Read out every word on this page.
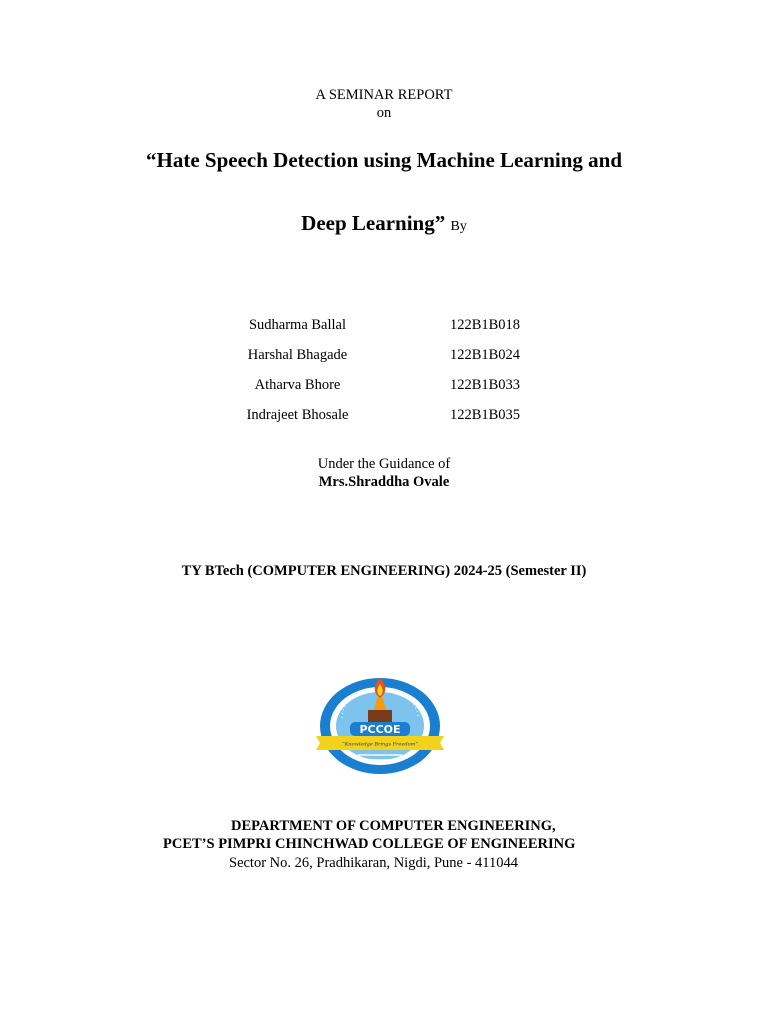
A SEMINAR REPORT
on
“Hate Speech Detection using Machine Learning and
Deep Learning” By
Sudharma Ballal	122B1B018
Harshal Bhagade	122B1B024
Atharva Bhore	122B1B033
Indrajeet Bhosale	122B1B035
Under the Guidance of
Mrs.Shraddha Ovale
TY BTech (COMPUTER ENGINEERING) 2024-25 (Semester II)
PCCOE
“Knowledge Brings Freedom”
DEPARTMENT OF COMPUTER ENGINEERING,
PCET’S PIMPRI CHINCHWAD COLLEGE OF ENGINEERING
Sector No. 26, Pradhikaran, Nigdi, Pune - 411044
